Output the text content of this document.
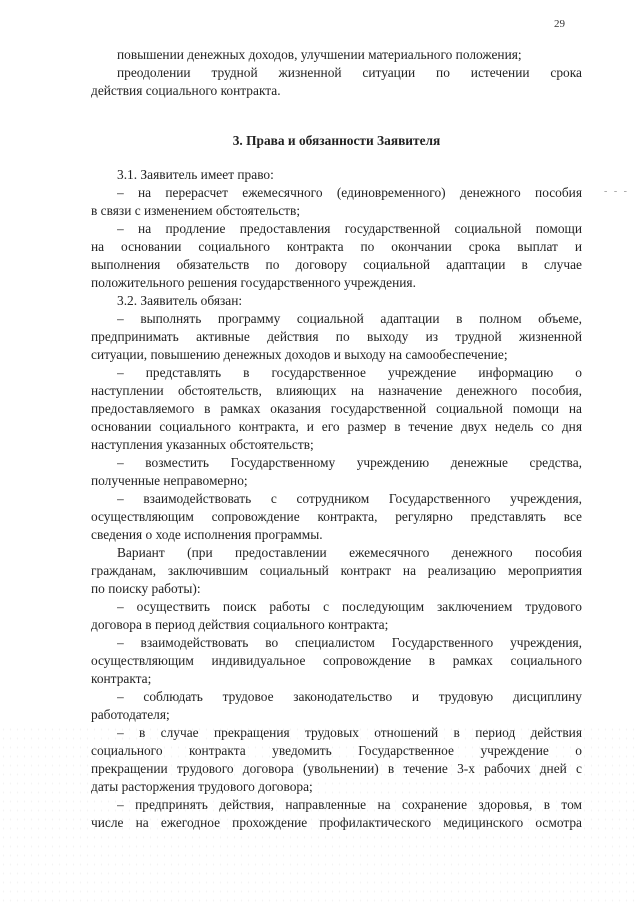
29
- - -
повышении денежных доходов, улучшении материального положения;
преодолении трудной жизненной ситуации по истечении срока
действия социального контракта.
3. Права и обязанности Заявителя
3.1. Заявитель имеет право:
– на перерасчет ежемесячного (единовременного) денежного пособия
в связи с изменением обстоятельств;
– на продление предоставления государственной социальной помощи
на основании социального контракта по окончании срока выплат и
выполнения обязательств по договору социальной адаптации в случае
положительного решения государственного учреждения.
3.2. Заявитель обязан:
– выполнять программу социальной адаптации в полном объеме,
предпринимать активные действия по выходу из трудной жизненной
ситуации, повышению денежных доходов и выходу на самообеспечение;
– представлять в государственное учреждение информацию о
наступлении обстоятельств, влияющих на назначение денежного пособия,
предоставляемого в рамках оказания государственной социальной помощи на
основании социального контракта, и его размер в течение двух недель со дня
наступления указанных обстоятельств;
– возместить Государственному учреждению денежные средства,
полученные неправомерно;
– взаимодействовать с сотрудником Государственного учреждения,
осуществляющим сопровождение контракта, регулярно представлять все
сведения о ходе исполнения программы.
Вариант (при предоставлении ежемесячного денежного пособия
гражданам, заключившим социальный контракт на реализацию мероприятия
по поиску работы):
– осуществить поиск работы с последующим заключением трудового
договора в период действия социального контракта;
– взаимодействовать во специалистом Государственного учреждения,
осуществляющим индивидуальное сопровождение в рамках социального
контракта;
– соблюдать трудовое законодательство и трудовую дисциплину
работодателя;
– в случае прекращения трудовых отношений в период действия
социального контракта уведомить Государственное учреждение о
прекращении трудового договора (увольнении) в течение 3-х рабочих дней с
даты расторжения трудового договора;
– предпринять действия, направленные на сохранение здоровья, в том
числе на ежегодное прохождение профилактического медицинского осмотра
